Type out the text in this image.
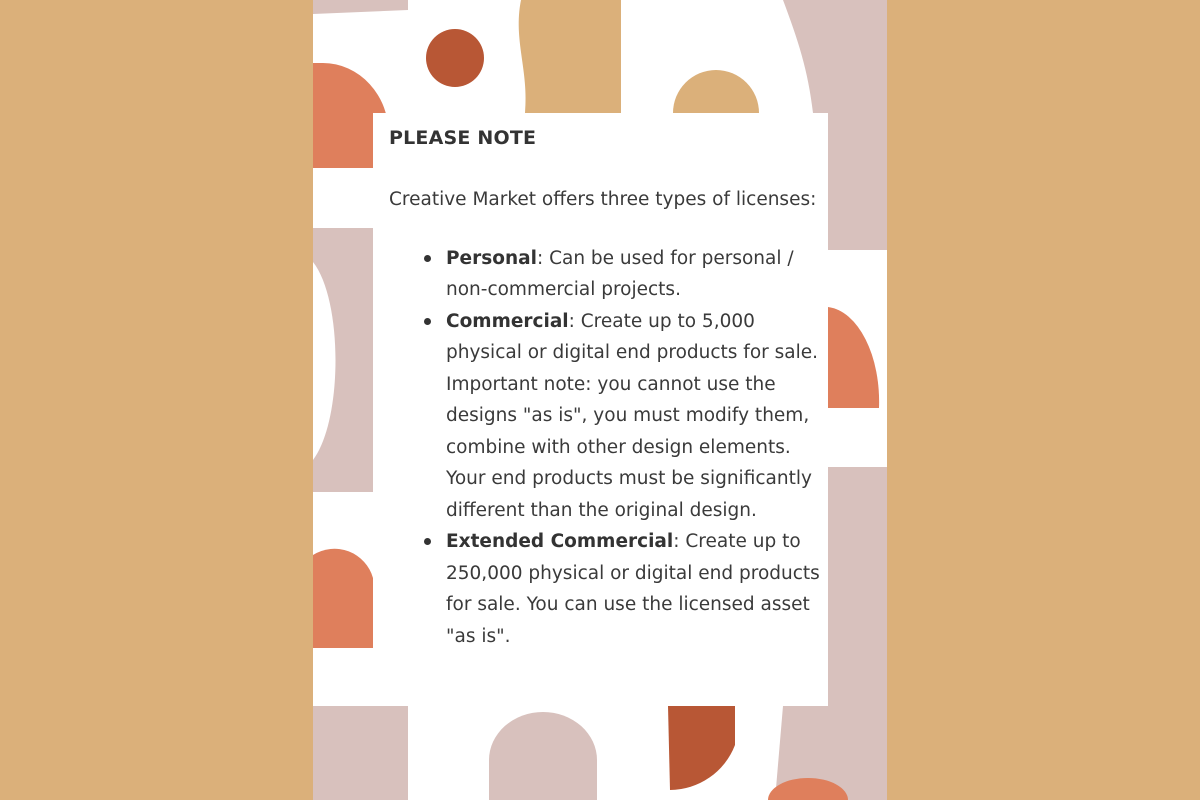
PLEASE NOTE
Creative Market offers three types of licenses:
Personal: Can be used for personal / non-commercial projects.
Commercial: Create up to 5,000 physical or digital end products for sale. Important note: you cannot use the designs "as is", you must modify them, combine with other design elements. Your end products must be significantly different than the original design.
Extended Commercial: Create up to 250,000 physical or digital end products for sale. You can use the licensed asset "as is".
